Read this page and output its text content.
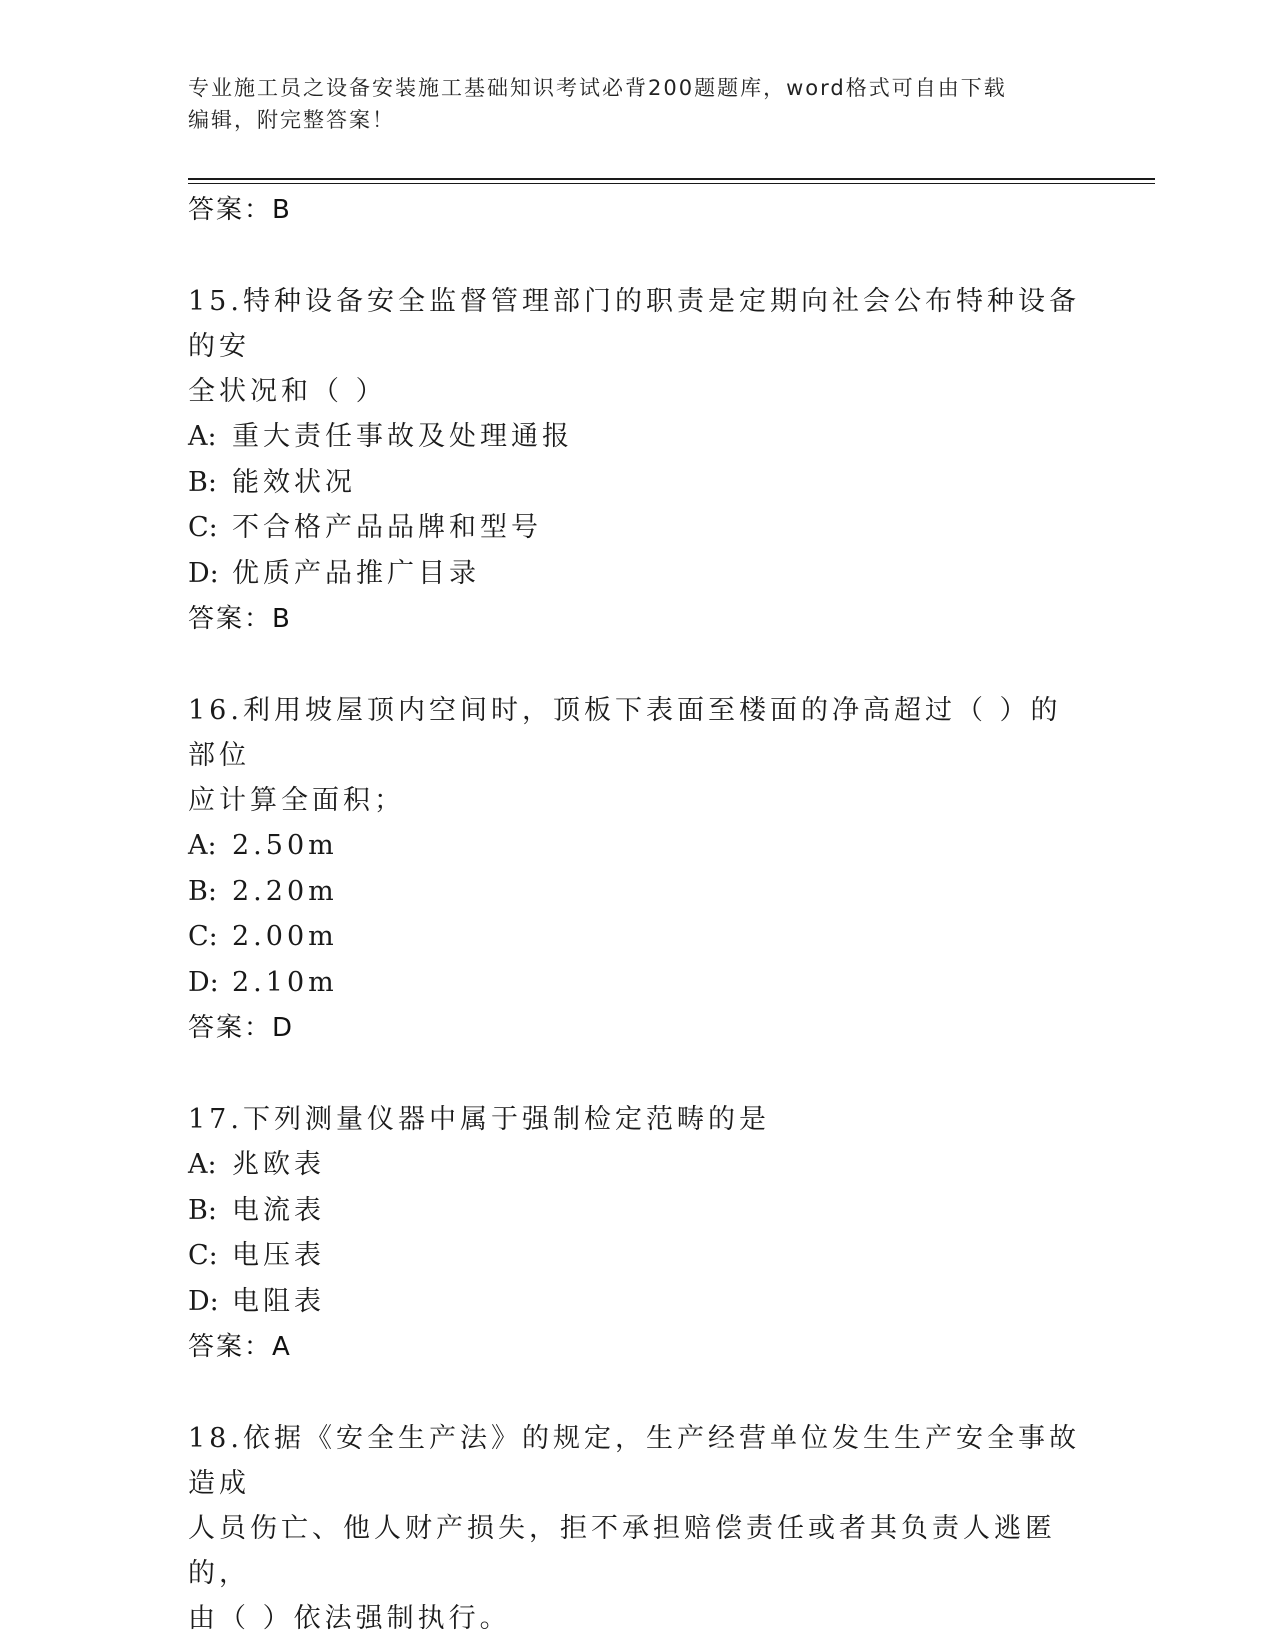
专业施工员之设备安装施工基础知识考试必背200题题库，word格式可自由下载
编辑，附完整答案！
答案：B
15.特种设备安全监督管理部门的职责是定期向社会公布特种设备的安
全状况和（ ）
A: 重大责任事故及处理通报
B: 能效状况
C: 不合格产品品牌和型号
D: 优质产品推广目录
答案：B
16.利用坡屋顶内空间时，顶板下表面至楼面的净高超过（ ）的部位
应计算全面积；
A: 2.50m
B: 2.20m
C: 2.00m
D: 2.10m
答案：D
17.下列测量仪器中属于强制检定范畴的是
A: 兆欧表
B: 电流表
C: 电压表
D: 电阻表
答案：A
18.依据《安全生产法》的规定，生产经营单位发生生产安全事故造成
人员伤亡、他人财产损失，拒不承担赔偿责任或者其负责人逃匿的，
由（ ）依法强制执行。
